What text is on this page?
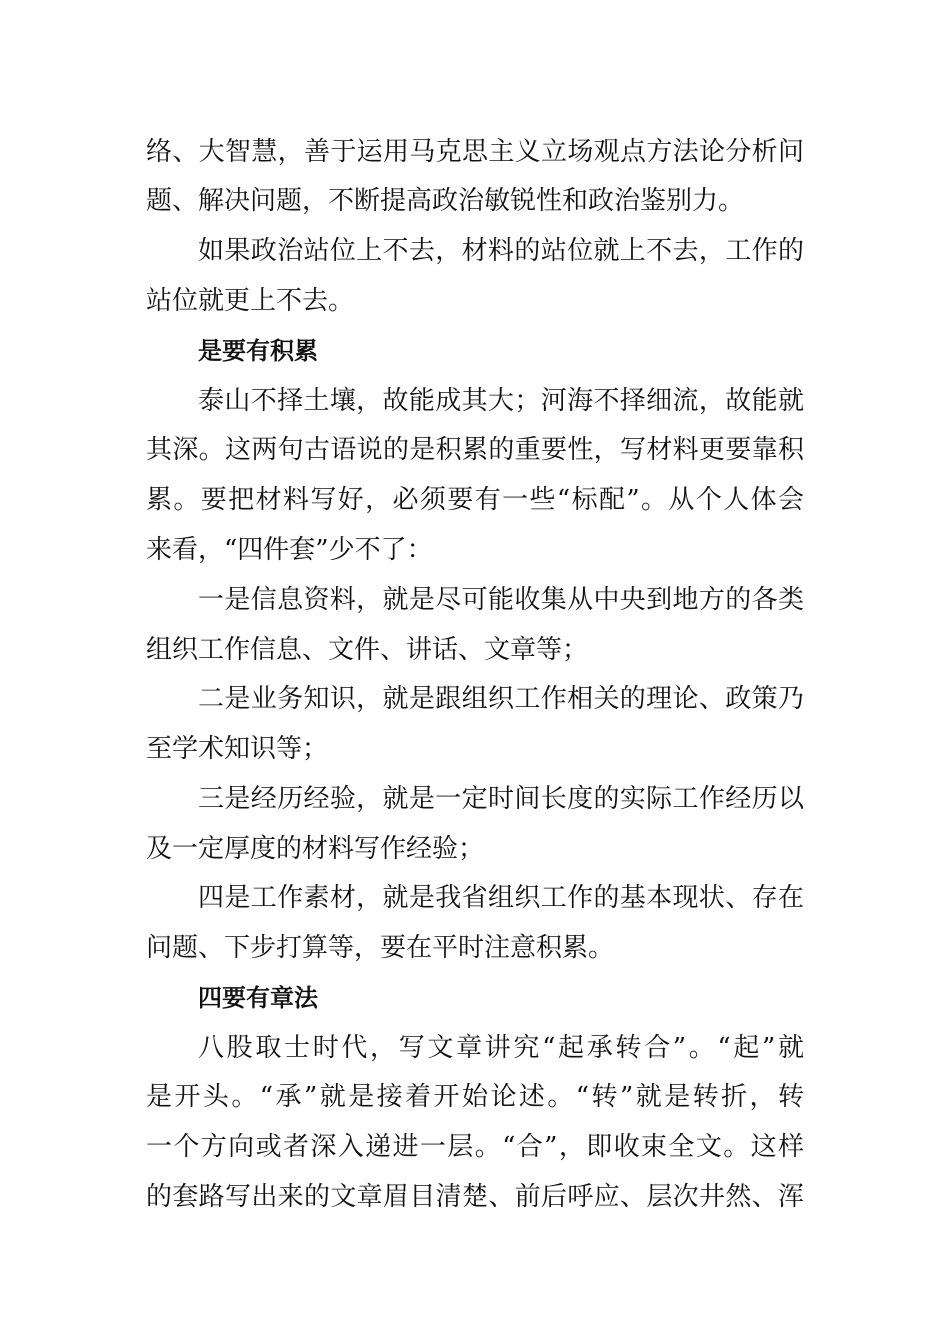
络、大智慧，善于运用马克思主义立场观点方法论分析问
题、解决问题，不断提高政治敏锐性和政治鉴别力。
如果政治站位上不去，材料的站位就上不去，工作的
站位就更上不去。
是要有积累
泰山不择土壤，故能成其大；河海不择细流，故能就
其深。这两句古语说的是积累的重要性，写材料更要靠积
累。要把材料写好，必须要有一些“标配”。从个人体会
来看，“四件套”少不了：
一是信息资料，就是尽可能收集从中央到地方的各类
组织工作信息、文件、讲话、文章等；
二是业务知识，就是跟组织工作相关的理论、政策乃
至学术知识等；
三是经历经验，就是一定时间长度的实际工作经历以
及一定厚度的材料写作经验；
四是工作素材，就是我省组织工作的基本现状、存在
问题、下步打算等，要在平时注意积累。
四要有章法
八股取士时代，写文章讲究“起承转合”。“起”就
是开头。“承”就是接着开始论述。“转”就是转折，转
一个方向或者深入递进一层。“合”，即收束全文。这样
的套路写出来的文章眉目清楚、前后呼应、层次井然、浑
